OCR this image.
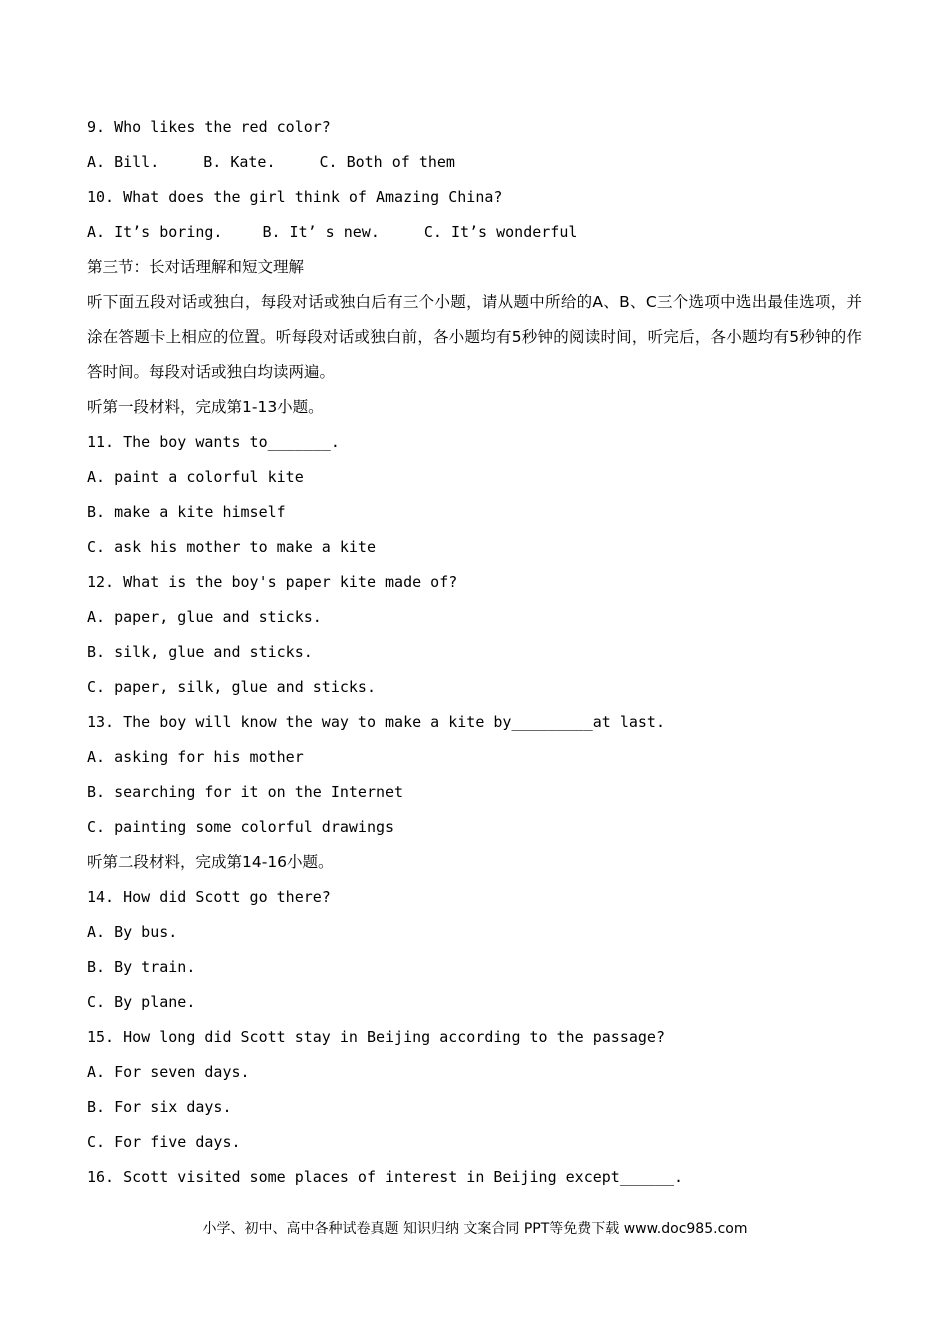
9. Who likes the red color?
A. Bill.	B. Kate.	C. Both of them
10. What does the girl think of Amazing China?
A. It’s boring.	B. It’ s new.	C. It’s wonderful
第三节：长对话理解和短文理解
听下面五段对话或独白，每段对话或独白后有三个小题，请从题中所给的A、B、C三个选项中选出最佳选项，并涂在答题卡上相应的位置。听每段对话或独白前，各小题均有5秒钟的阅读时间，听完后，各小题均有5秒钟的作答时间。每段对话或独白均读两遍。
听第一段材料，完成第1-13小题。
11. The boy wants to_______.
A. paint a colorful kite
B. make a kite himself
C. ask his mother to make a kite
12. What is the boy's paper kite made of?
A. paper, glue and sticks.
B. silk, glue and sticks.
C. paper, silk, glue and sticks.
13. The boy will know the way to make a kite by_________at last.
A. asking for his mother
B. searching for it on the Internet
C. painting some colorful drawings
听第二段材料，完成第14-16小题。
14. How did Scott go there?
A. By bus.
B. By train.
C. By plane.
15. How long did Scott stay in Beijing according to the passage?
A. For seven days.
B. For six days.
C. For five days.
16. Scott visited some places of interest in Beijing except______.
小学、初中、高中各种试卷真题 知识归纳 文案合同 PPT等免费下载 www.doc985.com
